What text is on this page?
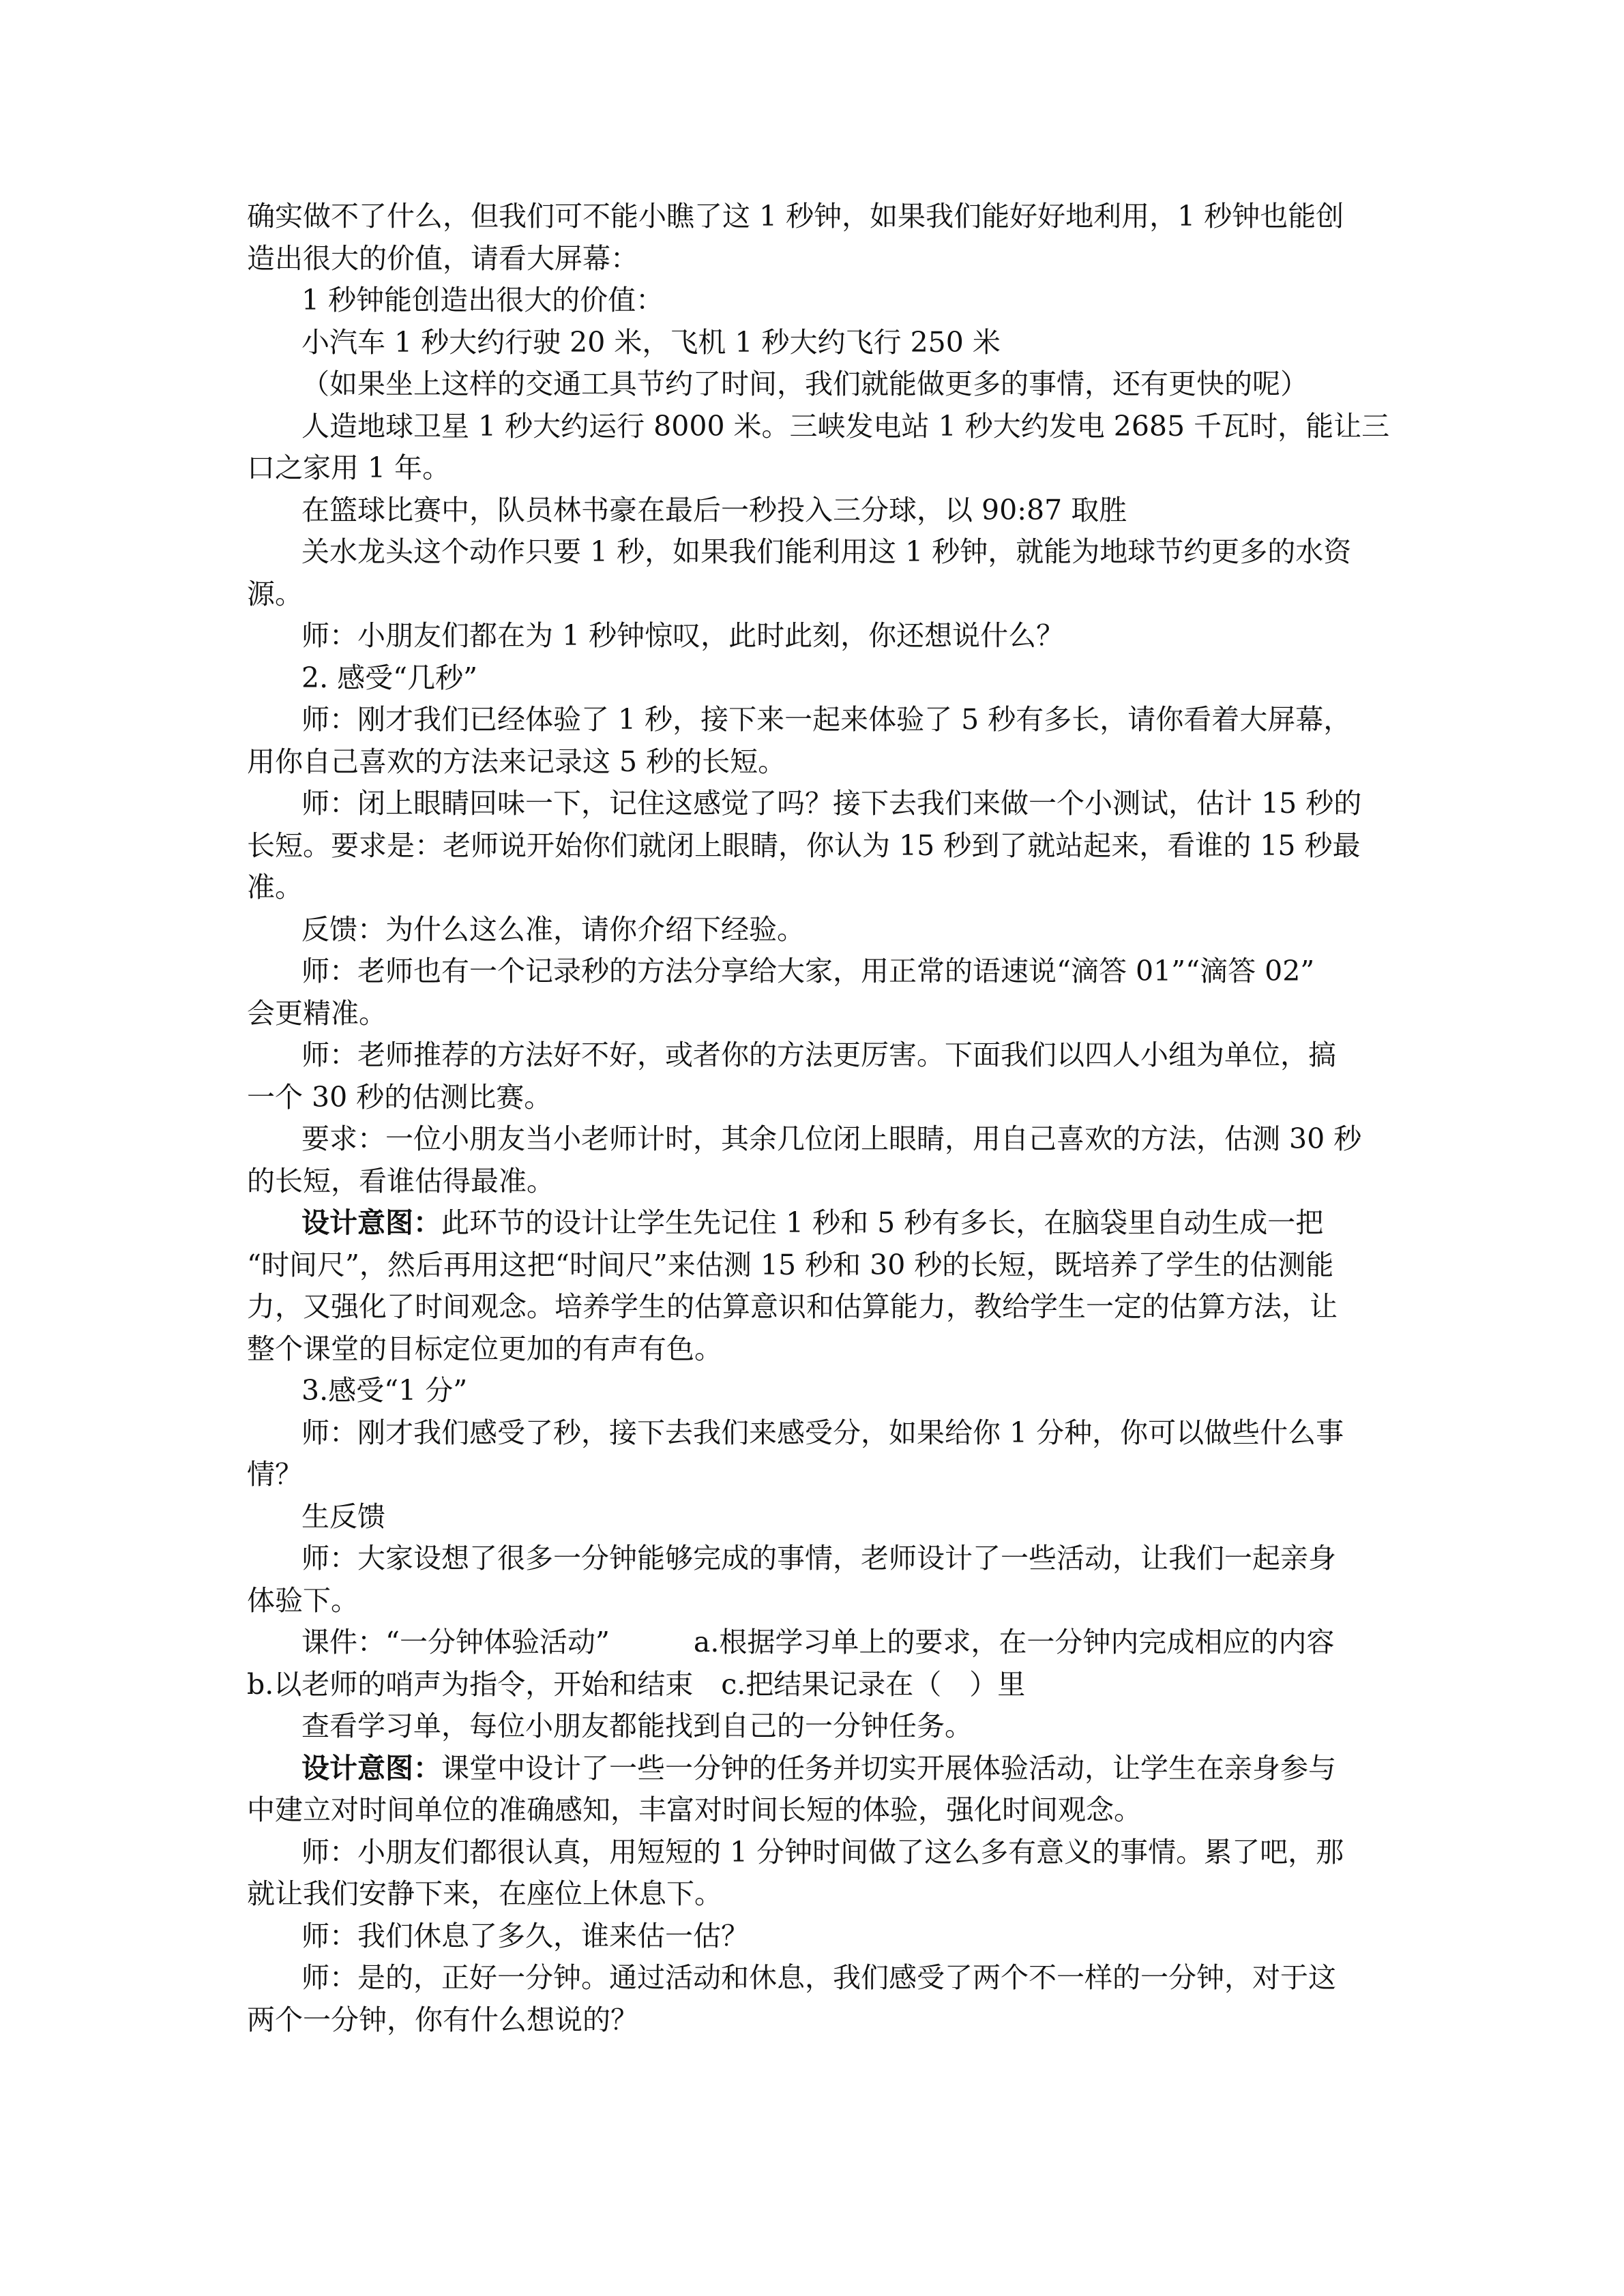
确实做不了什么，但我们可不能小瞧了这 1 秒钟，如果我们能好好地利用，1 秒钟也能创

造出很大的价值，请看大屏幕：

1 秒钟能创造出很大的价值：

小汽车 1 秒大约行驶 20 米，飞机 1 秒大约飞行 250 米

（如果坐上这样的交通工具节约了时间，我们就能做更多的事情，还有更快的呢）

人造地球卫星 1 秒大约运行 8000 米。三峡发电站 1 秒大约发电 2685 千瓦时，能让三

口之家用 1 年。

在篮球比赛中，队员林书豪在最后一秒投入三分球，以 90:87 取胜

关水龙头这个动作只要 1 秒，如果我们能利用这 1 秒钟，就能为地球节约更多的水资

源。

师：小朋友们都在为 1 秒钟惊叹，此时此刻，你还想说什么？

2. 感受“几秒”

师：刚才我们已经体验了 1 秒，接下来一起来体验了 5 秒有多长，请你看着大屏幕，

用你自己喜欢的方法来记录这 5 秒的长短。

师：闭上眼睛回味一下，记住这感觉了吗？接下去我们来做一个小测试，估计 15 秒的

长短。要求是：老师说开始你们就闭上眼睛，你认为 15 秒到了就站起来，看谁的 15 秒最

准。

反馈：为什么这么准，请你介绍下经验。

师：老师也有一个记录秒的方法分享给大家，用正常的语速说“滴答 01”“滴答 02”

会更精准。

师：老师推荐的方法好不好，或者你的方法更厉害。下面我们以四人小组为单位，搞

一个 30 秒的估测比赛。

要求：一位小朋友当小老师计时，其余几位闭上眼睛，用自己喜欢的方法，估测 30 秒

的长短，看谁估得最准。

设计意图：此环节的设计让学生先记住 1 秒和 5 秒有多长，在脑袋里自动生成一把

“时间尺”，然后再用这把“时间尺”来估测 15 秒和 30 秒的长短，既培养了学生的估测能

力，又强化了时间观念。培养学生的估算意识和估算能力，教给学生一定的估算方法，让

整个课堂的目标定位更加的有声有色。

3.感受“1 分”

师：刚才我们感受了秒，接下去我们来感受分，如果给你 1 分种，你可以做些什么事

情？

生反馈

师：大家设想了很多一分钟能够完成的事情，老师设计了一些活动，让我们一起亲身

体验下。

课件：“一分钟体验活动”　　　a.根据学习单上的要求，在一分钟内完成相应的内容

b.以老师的哨声为指令，开始和结束　c.把结果记录在（　）里

查看学习单，每位小朋友都能找到自己的一分钟任务。

设计意图：课堂中设计了一些一分钟的任务并切实开展体验活动，让学生在亲身参与

中建立对时间单位的准确感知，丰富对时间长短的体验，强化时间观念。

师：小朋友们都很认真，用短短的 1 分钟时间做了这么多有意义的事情。累了吧，那

就让我们安静下来，在座位上休息下。

师：我们休息了多久，谁来估一估？

师：是的，正好一分钟。通过活动和休息，我们感受了两个不一样的一分钟，对于这

两个一分钟，你有什么想说的？
